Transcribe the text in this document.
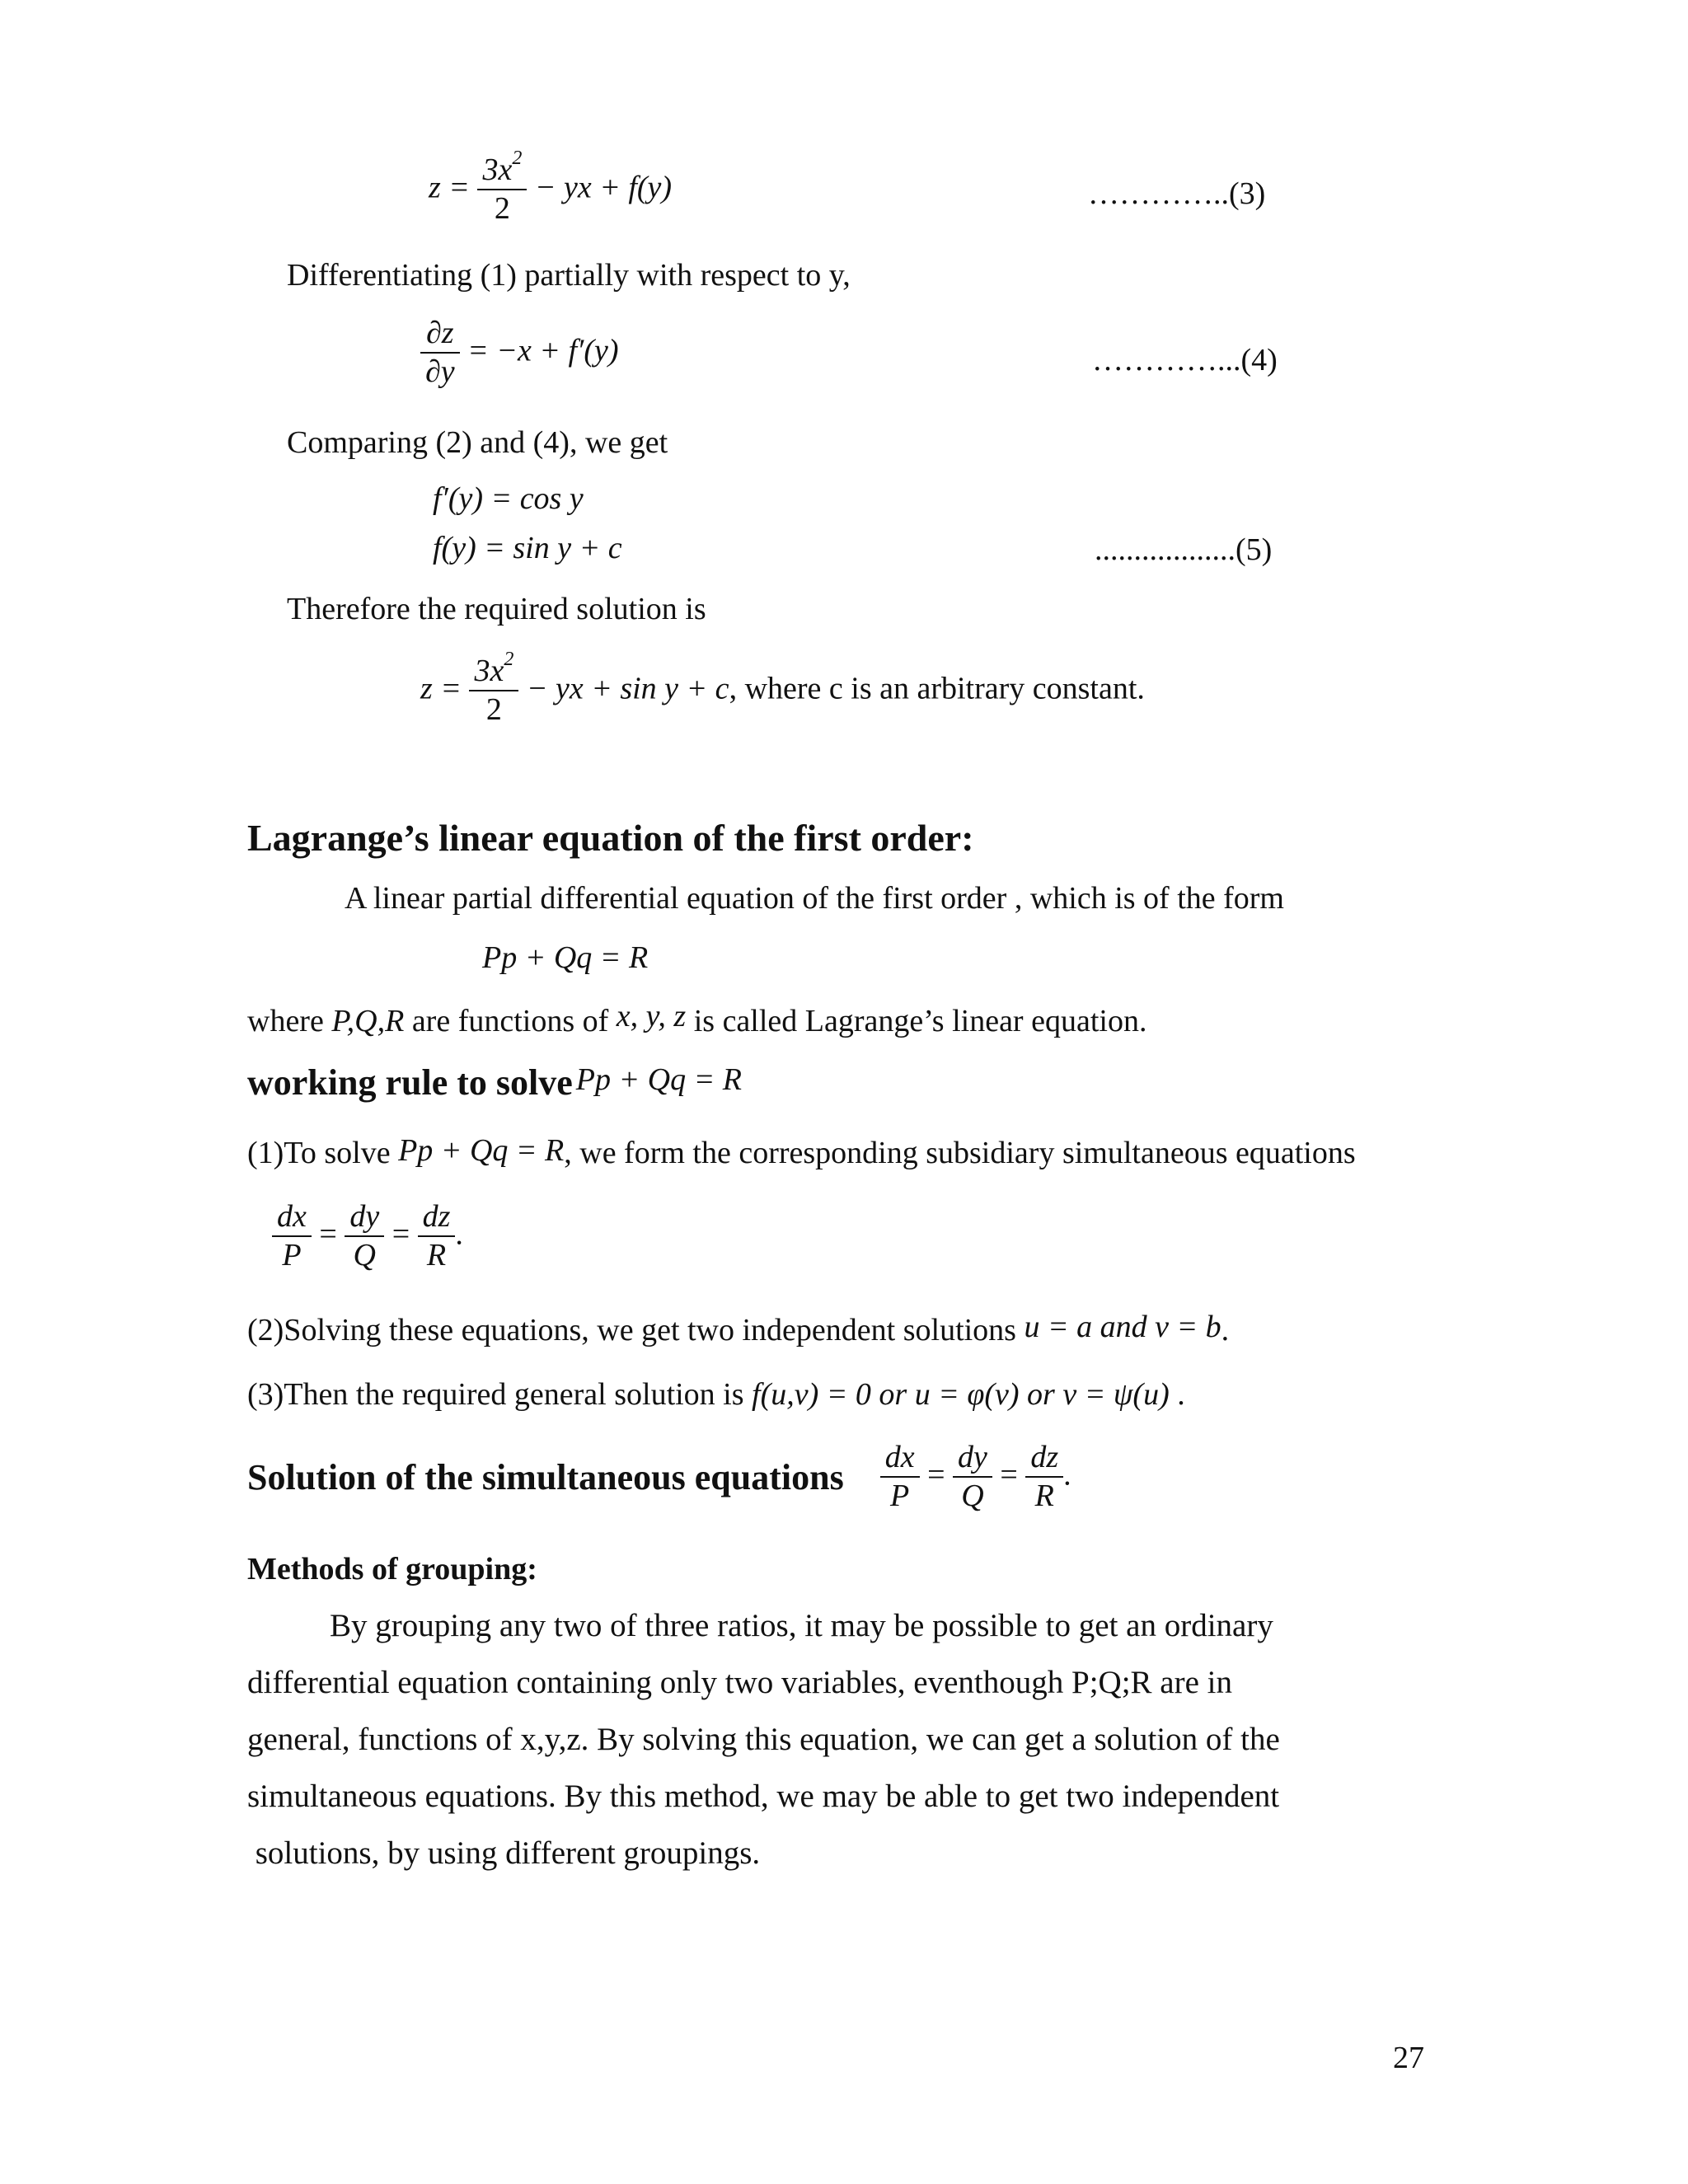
$z = \frac{3x^2}{2}$ − yx + f(y)	…………..(3)
Differentiating (1) partially with respect to y,
$\frac{\partial z}{\partial y} = -x + f'(y)$	…………...(4)
Comparing (2) and (4), we get
f′(y) = cos y
f(y) = sin y + c	..................(5)
Therefore the required solution is
$z = \frac{3x^2}{2}$ − yx + sin y + c, where c is an arbitrary constant.
Lagrange’s linear equation of the first order:
A linear partial differential equation of the first order , which is of the form
Pp + Qq = R
where P,Q,R are functions of x, y, z is called Lagrange’s linear equation.
working rule to solve Pp + Qq = R
(1)To solve Pp + Qq = R, we form the corresponding subsidiary simultaneous equations
$\frac{dx}{P} = \frac{dy}{Q} = \frac{dz}{R}$ .
(2)Solving these equations, we get two independent solutions u = a and v = b.
(3)Then the required general solution is f(u,v) = 0 or u = φ(v) or v = ψ(u) .
Solution of the simultaneous equations $\frac{dx}{P} = \frac{dy}{Q} = \frac{dz}{R}$ .
Methods of grouping:
By grouping any two of three ratios, it may be possible to get an ordinary
differential equation containing only two variables, eventhough P;Q;R are in
general, functions of x,y,z. By solving this equation, we can get a solution of the
simultaneous equations. By this method, we may be able to get two independent
solutions, by using different groupings.
27
